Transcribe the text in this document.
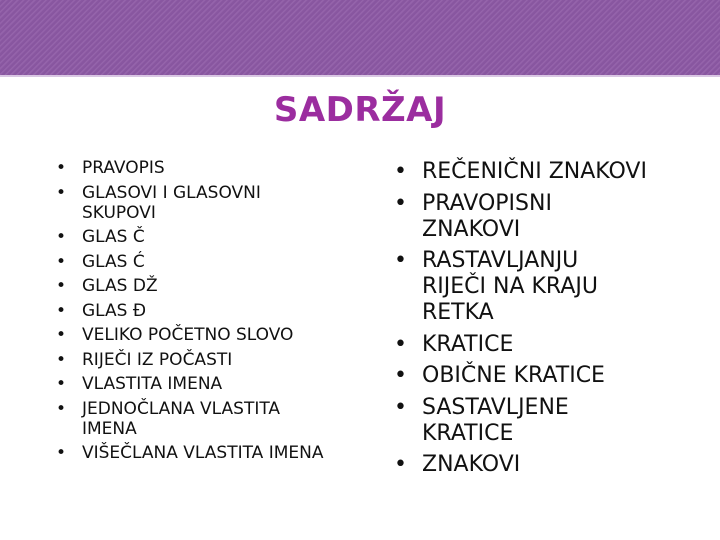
SADRŽAJ
• PRAVOPIS
• GLASOVI I GLASOVNI SKUPOVI
• GLAS Č
• GLAS Ć
• GLAS DŽ
• GLAS Đ
• VELIKO POČETNO SLOVO
• RIJEČI IZ POČASTI
• VLASTITA IMENA
• JEDNOČLANA VLASTITA IMENA
• VIŠEČLANA VLASTITA IMENA
• REČENIČNI ZNAKOVI
• PRAVOPISNI ZNAKOVI
• RASTAVLJANJU RIJEČI NA KRAJU RETKA
• KRATICE
• OBIČNE KRATICE
• SASTAVLJENE KRATICE
• ZNAKOVI
